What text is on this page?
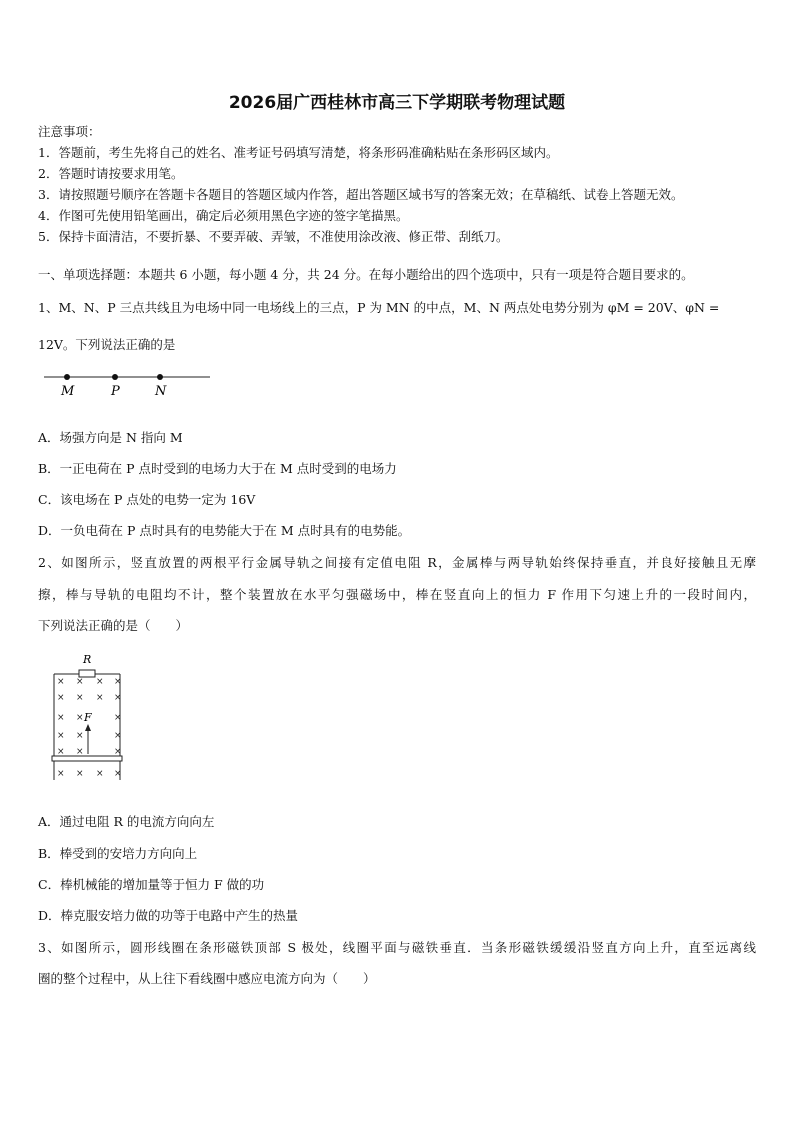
2026届广西桂林市高三下学期联考物理试题
注意事项：
1．答题前，考生先将自己的姓名、准考证号码填写清楚，将条形码准确粘贴在条形码区域内。
2．答题时请按要求用笔。
3．请按照题号顺序在答题卡各题目的答题区域内作答，超出答题区域书写的答案无效；在草稿纸、试卷上答题无效。
4．作图可先使用铅笔画出，确定后必须用黑色字迹的签字笔描黑。
5．保持卡面清洁，不要折暴、不要弄破、弄皱，不准使用涂改液、修正带、刮纸刀。
一、单项选择题：本题共 6 小题，每小题 4 分，共 24 分。在每小题给出的四个选项中，只有一项是符合题目要求的。
1、M、N、P 三点共线且为电场中同一电场线上的三点，P 为 MN 的中点，M、N 两点处电势分别为 φM = 20V、φN =
12V。下列说法正确的是
M	P	N
A．场强方向是 N 指向 M
B．一正电荷在 P 点时受到的电场力大于在 M 点时受到的电场力
C．该电场在 P 点处的电势一定为 16V
D．一负电荷在 P 点时具有的电势能大于在 M 点时具有的电势能。
2、如图所示，竖直放置的两根平行金属导轨之间接有定值电阻 R，金属棒与两导轨始终保持垂直，并良好接触且无摩
擦，棒与导轨的电阻均不计，整个装置放在水平匀强磁场中，棒在竖直向上的恒力 F 作用下匀速上升的一段时间内，
下列说法正确的是（　　）
R
F
× × × ×
× × × ×
× ×	×
× ×	×
× ×	×
× × × ×
A．通过电阻 R 的电流方向向左
B．棒受到的安培力方向向上
C．棒机械能的增加量等于恒力 F 做的功
D．棒克服安培力做的功等于电路中产生的热量
3、如图所示，圆形线圈在条形磁铁顶部 S 极处，线圈平面与磁铁垂直．当条形磁铁缓缓沿竖直方向上升，直至远离线
圈的整个过程中，从上往下看线圈中感应电流方向为（　　）
